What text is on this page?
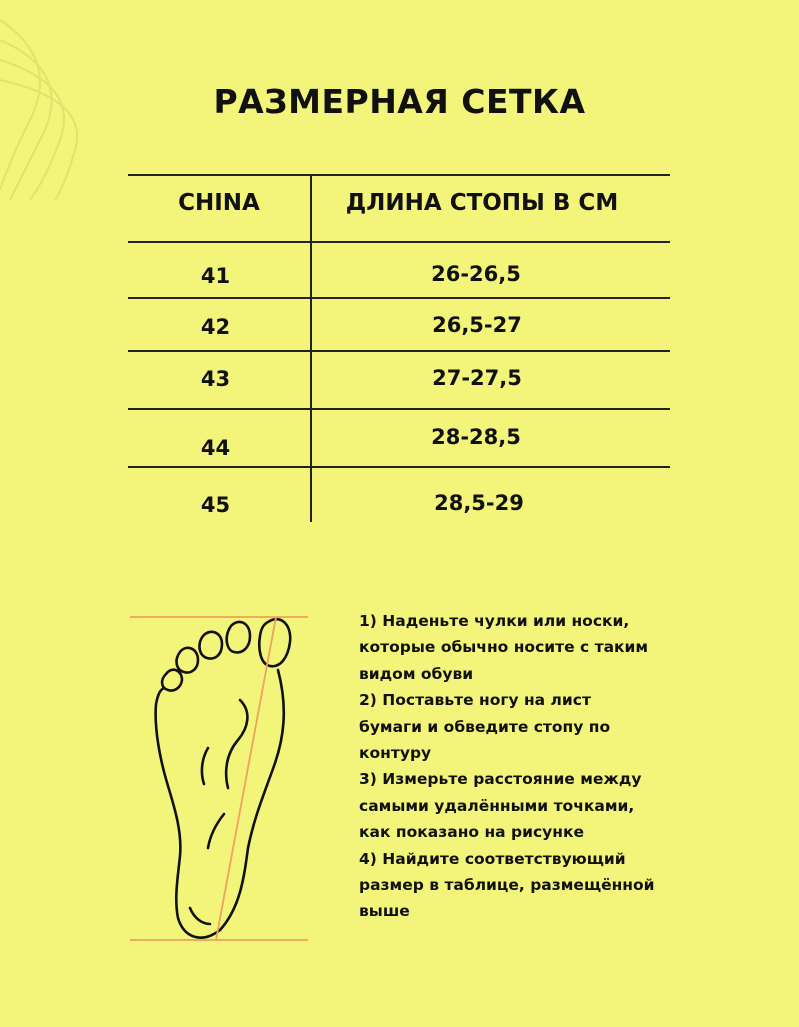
РАЗМЕРНАЯ СЕТКА
CHINA	ДЛИНА СТОПЫ В СМ
41	26-26,5
42	26,5-27
43	27-27,5
44	28-28,5
45	28,5-29
1) Наденьте чулки или носки,
которые обычно носите с таким
видом обуви
2) Поставьте ногу на лист
бумаги и обведите стопу по
контуру
3) Измерьте расстояние между
самыми удалёнными точками,
как показано на рисунке
4) Найдите соответствующий
размер в таблице, размещённой
выше
